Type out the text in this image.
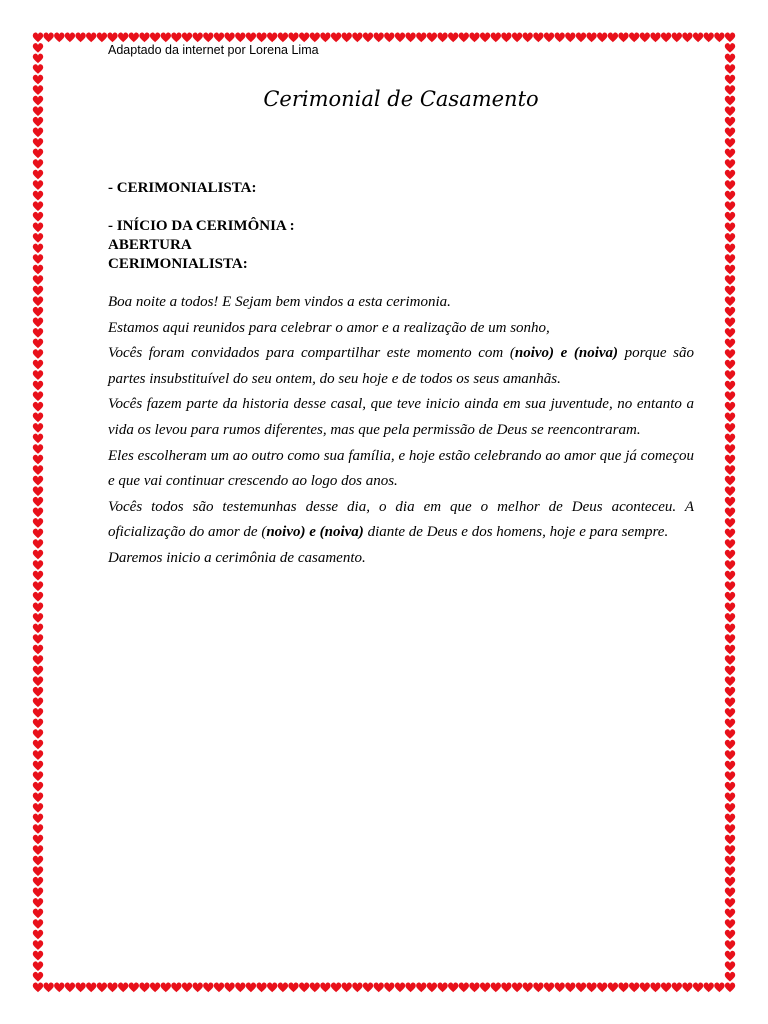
Adaptado da internet por Lorena Lima
Cerimonial de Casamento
- CERIMONIALISTA:
- INÍCIO DA CERIMÔNIA :
ABERTURA
CERIMONIALISTA:

Boa noite a todos! E Sejam bem vindos a esta cerimonia.

Estamos aqui reunidos para celebrar o amor e a realização de um sonho,

Vocês foram convidados para compartilhar este momento com (noivo) e (noiva) porque são partes insubstituível do seu ontem, do seu hoje e de todos os seus amanhãs.

Vocês fazem parte da historia desse casal, que teve inicio ainda em sua juventude, no entanto a vida os levou para rumos diferentes, mas que pela permissão de Deus se reencontraram.

Eles escolheram um ao outro como sua família, e hoje estão celebrando ao amor que já começou e que vai continuar crescendo ao logo dos anos.

Vocês todos são testemunhas desse dia, o dia em que o melhor de Deus aconteceu. A oficialização do amor de (noivo) e (noiva) diante de Deus e dos homens, hoje e para sempre.

Daremos inicio a cerimônia de casamento.
